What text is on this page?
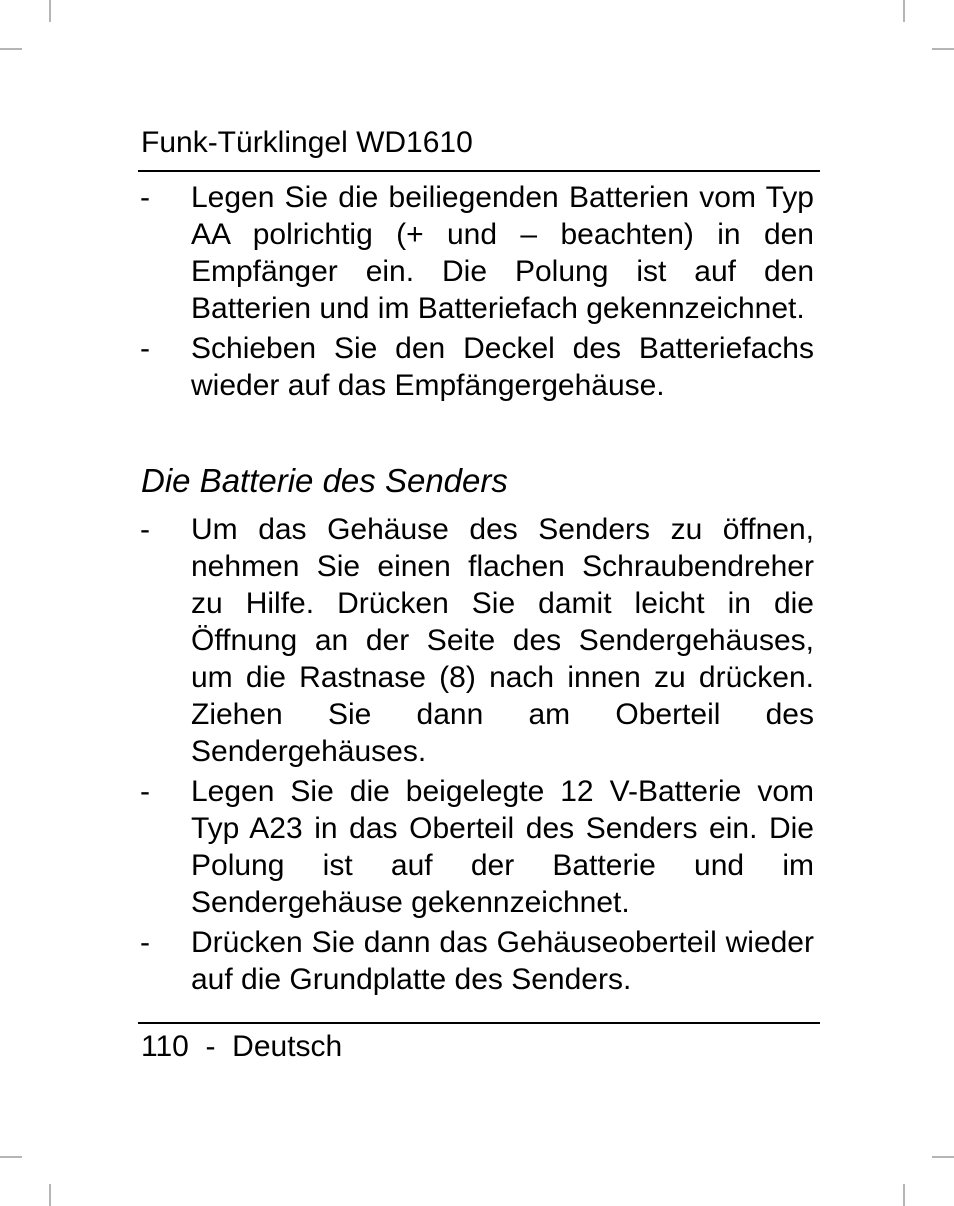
Funk-Türklingel WD1610
- Legen Sie die beiliegenden Batterien vom Typ AA polrichtig (+ und – beachten) in den Empfänger ein. Die Polung ist auf den Batterien und im Batteriefach gekennzeichnet.
- Schieben Sie den Deckel des Batteriefachs wieder auf das Empfängergehäuse.
Die Batterie des Senders
- Um das Gehäuse des Senders zu öffnen, nehmen Sie einen flachen Schraubendreher zu Hilfe. Drücken Sie damit leicht in die Öffnung an der Seite des Sendergehäuses, um die Rastnase (8) nach innen zu drücken. Ziehen Sie dann am Oberteil des Sendergehäuses.
- Legen Sie die beigelegte 12 V-Batterie vom Typ A23 in das Oberteil des Senders ein. Die Polung ist auf der Batterie und im Sendergehäuse gekennzeichnet.
- Drücken Sie dann das Gehäuseoberteil wieder auf die Grundplatte des Senders.
110  -  Deutsch
